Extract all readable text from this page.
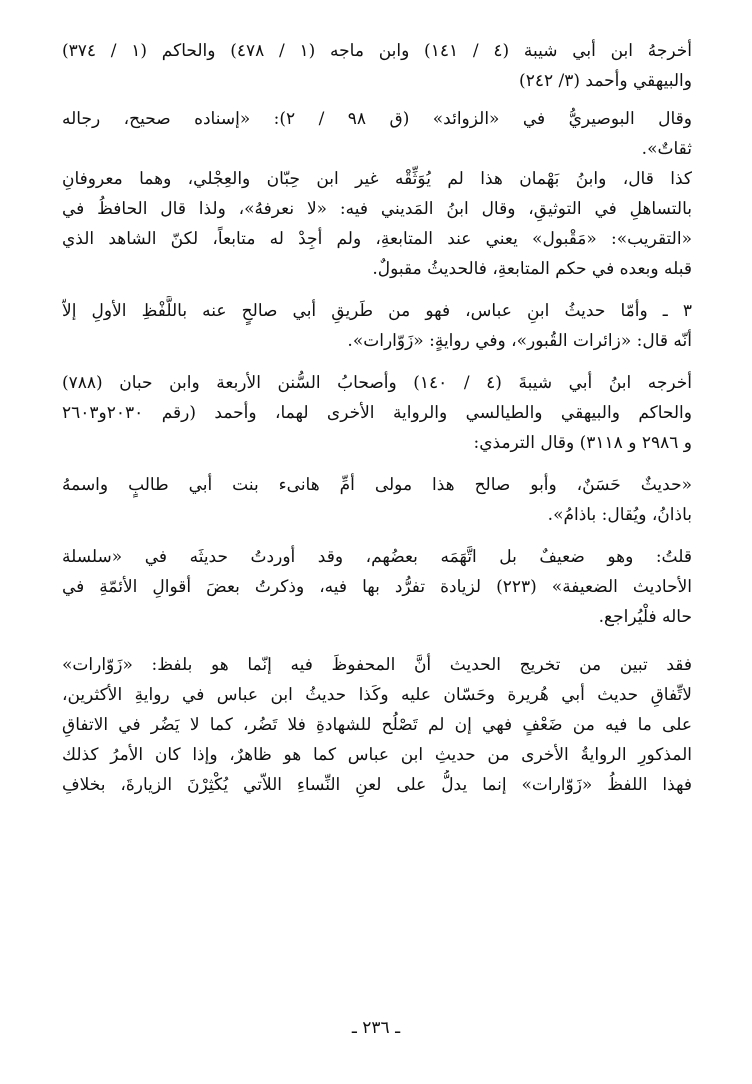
أخرجهُ ابن أبي شيبة (٤ / ١٤١) وابن ماجه (١ / ٤٧٨) والحاكم (١ / ٣٧٤)
والبيهقي وأحمد (٣/ ٢٤٢)
وقال البوصيريُّ في «الزوائد» (ق ٩٨ / ٢): «إسناده صحيح، رجاله
ثقاتٌ».
كذا قال، وابنُ بَهْمان هذا لم يُوَثِّقْه غير ابن حِبّان والعِجْلي، وهما معروفانِ
بالتساهلِ في التوثيقِ، وقال ابنُ المَديني فيه: «لا نعرفهُ»، ولذا قال الحافظُ في
«التقريب»: «مَقْبول» يعني عند المتابعةِ، ولم أجِدْ له متابعاً، لكنّ الشاهد الذي
قبله وبعده في حكم المتابعةِ، فالحديثُ مقبولٌ.
٣ ـ وأمّا حديثُ ابنِ عباس، فهو من طَريقِ أبي صالحٍ عنه باللَّفْظِ الأولِ إلاّ
أنّه قال: «زائرات القُبور»، وفي روايةٍ: «زَوّارات».
أخرجه ابنُ أبي شيبةَ (٤ / ١٤٠) وأصحابُ السُّنن الأربعة وابن حبان (٧٨٨)
والحاكم والبيهقي والطيالسي والرواية الأخرى لهما، وأحمد (رقم ٢٠٣٠و٢٦٠٣
و ٢٩٨٦ و ٣١١٨) وقال الترمذي:
«حديثٌ حَسَنٌ، وأبو صالح هذا مولى أمِّ هانىء بنت أبي طالبٍ واسمهُ
باذانُ، ويُقال: باذامُ».
قلتُ: وهو ضعيفٌ بل اتَّهَمَه بعضُهم، وقد أوردتُ حديثَه في «سلسلة
الأحاديث الضعيفة» (٢٢٣) لزيادة تفرُّد بها فيه، وذكرتُ بعضَ أقوالِ الأئمّةِ في
حاله فلْيُراجع.
فقد تبين من تخريج الحديث أنَّ المحفوظَ فيه إنّما هو بلفظ: «زَوّارات»
لاتِّفاقِ حديث أبي هُريرة وحَسّان عليه وكَذا حديثُ ابن عباس في روايةِ الأكثرين،
على ما فيه من ضَعْفٍ فهي إن لم تَصْلُح للشهادةِ فلا تَضُر، كما لا يَضُر في الاتفاقِ
المذكورِ الروايةُ الأخرى من حديثِ ابن عباس كما هو ظاهرٌ، وإذا كان الأمرُ كذلك
فهذا اللفظُ «زَوّارات» إنما يدلُّ على لعنِ النِّساءِ اللاّتي يُكْثِرْنَ الزيارةَ، بخلافِ
ـ ٢٣٦ ـ
